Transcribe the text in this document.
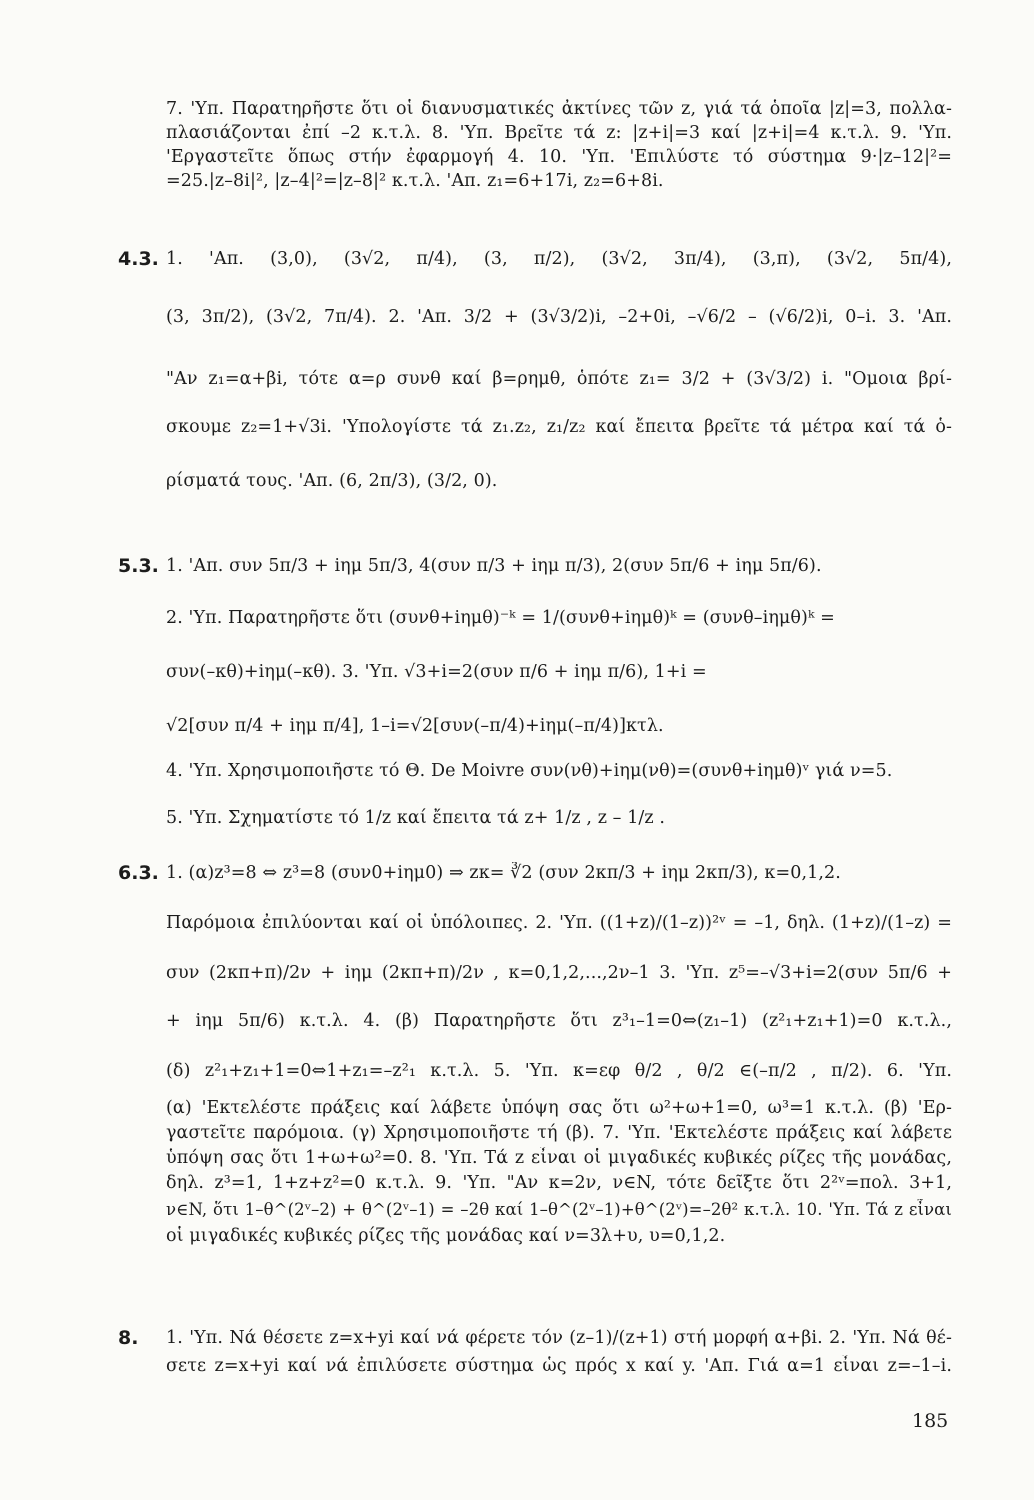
7. 'Υπ. Παρατηρῆστε ὅτι οἱ διανυσματικές ἀκτίνες τῶν z, γιά τά ὁποῖα |z|=3, πολλα-
πλασιάζονται ἐπί –2 κ.τ.λ. 8. 'Υπ. Βρεῖτε τά z: |z+i|=3 καί |z+i|=4 κ.τ.λ. 9. 'Υπ.
'Εργαστεῖτε ὅπως στήν ἐφαρμογή 4. 10. 'Υπ. 'Επιλύστε τό σύστημα 9·|z–12|²=
=25.|z–8i|², |z–4|²=|z–8|² κ.τ.λ. 'Απ. z₁=6+17i, z₂=6+8i.
4.3. 1. 'Απ. (3,0), (3√2, π/4), (3, π/2), (3√2, 3π/4), (3,π), (3√2, 5π/4),
(3, 3π/2), (3√2, 7π/4). 2. 'Απ. 3/2 + (3√3/2)i, –2+0i, –√6/2 – (√6/2)i, 0–i. 3. 'Απ.
"Αν z₁=α+βi, τότε α=ρ συνθ καί β=ρημθ, ὁπότε z₁= 3/2 + (3√3/2) i. "Ομοια βρί-
σκουμε z₂=1+√3i. 'Υπολογίστε τά z₁.z₂, z₁/z₂ καί ἔπειτα βρεῖτε τά μέτρα καί τά ὁ-
ρίσματά τους. 'Απ. (6, 2π/3), (3/2, 0).
5.3. 1. 'Απ. συν 5π/3 + iημ 5π/3, 4(συν π/3 + iημ π/3), 2(συν 5π/6 + iημ 5π/6).
2. 'Υπ. Παρατηρῆστε ὅτι (συνθ+iημθ)⁻ᵏ = 1/(συνθ+iημθ)ᵏ = (συνθ–iημθ)ᵏ =
συν(–κθ)+iημ(–κθ). 3. 'Υπ. √3+i=2(συν π/6 + iημ π/6), 1+i =
√2[συν π/4 + iημ π/4], 1–i=√2[συν(–π/4)+iημ(–π/4)]κτλ.
4. 'Υπ. Χρησιμοποιῆστε τό Θ. De Moivre συν(νθ)+iημ(νθ)=(συνθ+iημθ)ᵛ γιά ν=5.
5. 'Υπ. Σχηματίστε τό 1/z καί ἔπειτα τά z+ 1/z , z – 1/z .
6.3. 1. (α)z³=8 ⇔ z³=8 (συν0+iημ0) ⇒ zκ= ∛2 (συν 2κπ/3 + iημ 2κπ/3), κ=0,1,2.
Παρόμοια ἐπιλύονται καί οἱ ὑπόλοιπες. 2. 'Υπ. ((1+z)/(1–z))²ᵛ = –1, δηλ. (1+z)/(1–z) =
συν (2κπ+π)/2ν + iημ (2κπ+π)/2ν , κ=0,1,2,...,2ν–1 3. 'Υπ. z⁵=–√3+i=2(συν 5π/6 +
+ iημ 5π/6) κ.τ.λ. 4. (β) Παρατηρῆστε ὅτι z³₁–1=0⇔(z₁–1) (z²₁+z₁+1)=0 κ.τ.λ.,
(δ) z²₁+z₁+1=0⇔1+z₁=–z²₁ κ.τ.λ. 5. 'Υπ. κ=εφ θ/2 , θ/2 ∈(–π/2 , π/2). 6. 'Υπ.
(α) 'Εκτελέστε πράξεις καί λάβετε ὑπόψη σας ὅτι ω²+ω+1=0, ω³=1 κ.τ.λ. (β) 'Ερ-
γαστεῖτε παρόμοια. (γ) Χρησιμοποιῆστε τή (β). 7. 'Υπ. 'Εκτελέστε πράξεις καί λάβετε
ὑπόψη σας ὅτι 1+ω+ω²=0. 8. 'Υπ. Τά z εἶναι οἱ μιγαδικές κυβικές ρίζες τῆς μονάδας,
δηλ. z³=1, 1+z+z²=0 κ.τ.λ. 9. 'Υπ. "Αν κ=2ν, ν∈N, τότε δεῖξτε ὅτι 2²ᵛ=πολ. 3+1,
ν∈N, ὅτι 1–θ^(2ᵛ–2) + θ^(2ᵛ–1) = –2θ καί 1–θ^(2ᵛ–1)+θ^(2ᵛ)=–2θ² κ.τ.λ. 10. 'Υπ. Τά z εἶναι
οἱ μιγαδικές κυβικές ρίζες τῆς μονάδας καί ν=3λ+υ, υ=0,1,2.
8. 1. 'Υπ. Νά θέσετε z=x+yi καί νά φέρετε τόν (z–1)/(z+1) στή μορφή α+βi. 2. 'Υπ. Νά θέ-
σετε z=x+yi καί νά ἐπιλύσετε σύστημα ὡς πρός x καί y. 'Απ. Γιά α=1 εἶναι z=–1–i.
185
